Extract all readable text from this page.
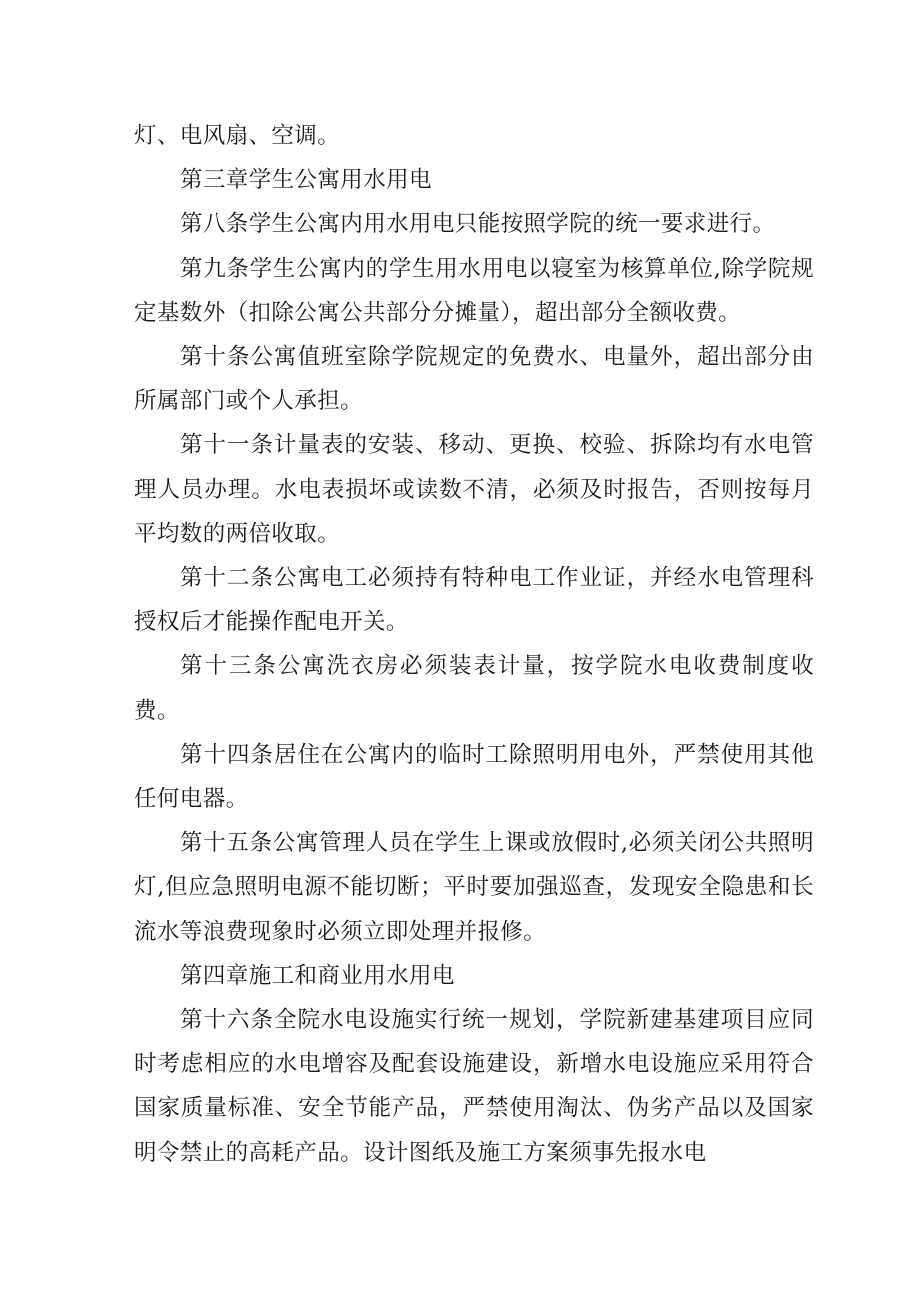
灯、电风扇、空调。

第三章学生公寓用水用电

第八条学生公寓内用水用电只能按照学院的统一要求进行。

第九条学生公寓内的学生用水用电以寝室为核算单位,除学院规定基数外（扣除公寓公共部分分摊量），超出部分全额收费。

第十条公寓值班室除学院规定的免费水、电量外，超出部分由所属部门或个人承担。

第十一条计量表的安装、移动、更换、校验、拆除均有水电管理人员办理。水电表损坏或读数不清，必须及时报告，否则按每月平均数的两倍收取。

第十二条公寓电工必须持有特种电工作业证，并经水电管理科授权后才能操作配电开关。

第十三条公寓洗衣房必须装表计量，按学院水电收费制度收费。

第十四条居住在公寓内的临时工除照明用电外，严禁使用其他任何电器。

第十五条公寓管理人员在学生上课或放假时,必须关闭公共照明灯,但应急照明电源不能切断；平时要加强巡查，发现安全隐患和长流水等浪费现象时必须立即处理并报修。

第四章施工和商业用水用电

第十六条全院水电设施实行统一规划，学院新建基建项目应同时考虑相应的水电增容及配套设施建设，新增水电设施应采用符合国家质量标准、安全节能产品，严禁使用淘汰、伪劣产品以及国家明令禁止的高耗产品。设计图纸及施工方案须事先报水电
